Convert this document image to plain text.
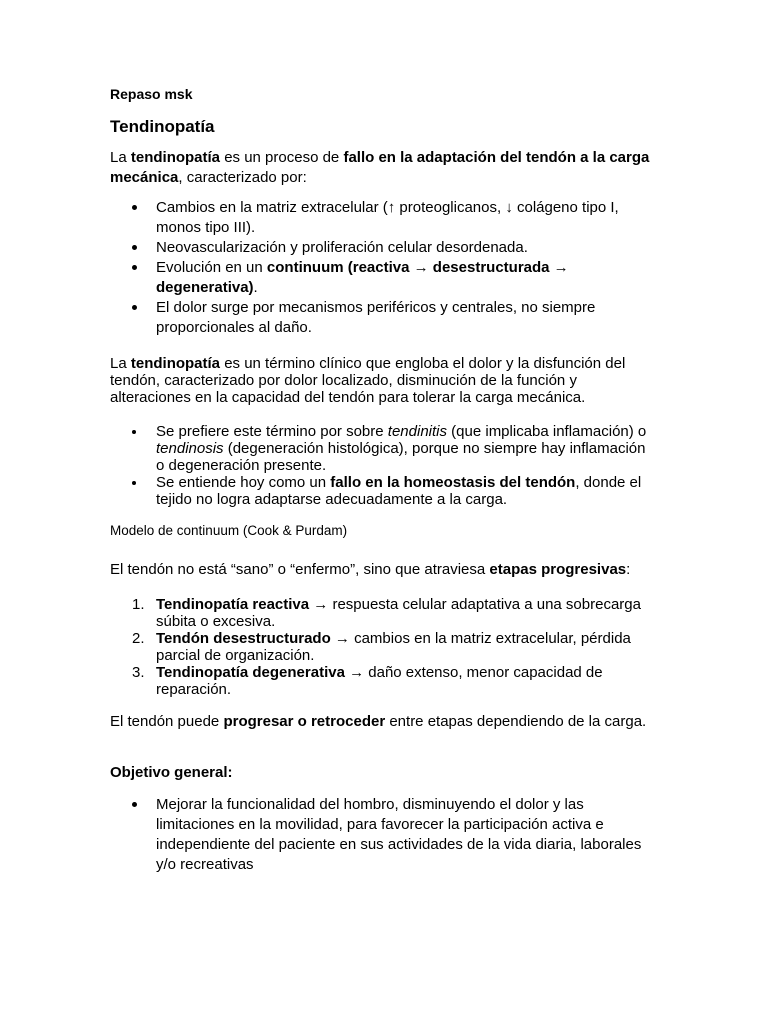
Repaso msk
Tendinopatía

La tendinopatía es un proceso de fallo en la adaptación del tendón a la carga mecánica, caracterizado por:

Cambios en la matriz extracelular (↑ proteoglicanos, ↓ colágeno tipo I, monos tipo III).
Neovascularización y proliferación celular desordenada.
Evolución en un continuum (reactiva → desestructurada → degenerativa).
El dolor surge por mecanismos periféricos y centrales, no siempre proporcionales al daño.

La tendinopatía es un término clínico que engloba el dolor y la disfunción del tendón, caracterizado por dolor localizado, disminución de la función y alteraciones en la capacidad del tendón para tolerar la carga mecánica.

Se prefiere este término por sobre tendinitis (que implicaba inflamación) o tendinosis (degeneración histológica), porque no siempre hay inflamación o degeneración presente.
Se entiende hoy como un fallo en la homeostasis del tendón, donde el tejido no logra adaptarse adecuadamente a la carga.
Modelo de continuum (Cook & Purdam)

El tendón no está “sano” o “enfermo”, sino que atraviesa etapas progresivas:

1. Tendinopatía reactiva → respuesta celular adaptativa a una sobrecarga súbita o excesiva.
2. Tendón desestructurado → cambios en la matriz extracelular, pérdida parcial de organización.
3. Tendinopatía degenerativa → daño extenso, menor capacidad de reparación.

El tendón puede progresar o retroceder entre etapas dependiendo de la carga.

Objetivo general:
Mejorar la funcionalidad del hombro, disminuyendo el dolor y las limitaciones en la movilidad, para favorecer la participación activa e independiente del paciente en sus actividades de la vida diaria, laborales y/o recreativas
